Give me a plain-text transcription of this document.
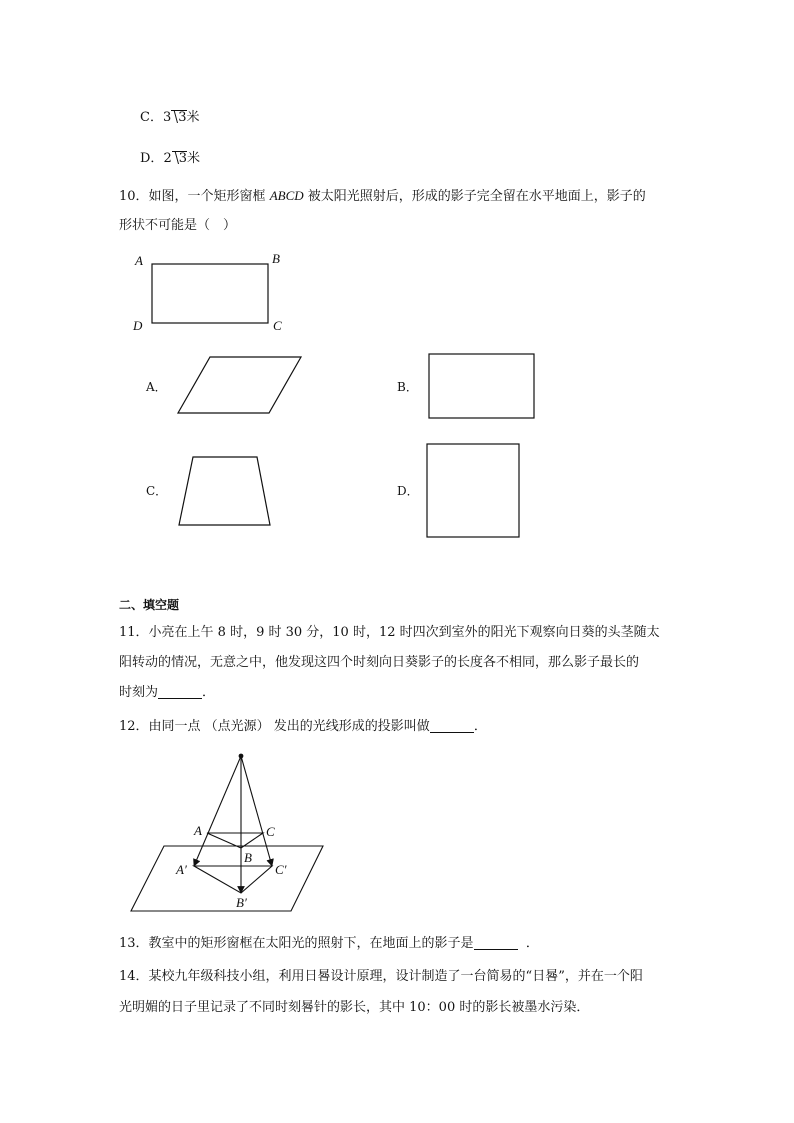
C．3 3米
D．2 3米
10．如图，一个矩形窗框 ABCD 被太阳光照射后，形成的影子完全留在水平地面上，影子的
形状不可能是（　）
A	B
C
D
A．	B．
C．	D．
二、填空题
11．小亮在上午 8 时，9 时 30 分，10 时，12 时四次到室外的阳光下观察向日葵的头茎随太
阳转动的情况，无意之中，他发现这四个时刻向日葵影子的长度各不相同，那么影子最长的
时刻为	．
12．由同一点 （点光源） 发出的光线形成的投影叫做	．
A	C
B
A′	C′
B′
13．教室中的矩形窗框在太阳光的照射下，在地面上的影子是	．
14．某校九年级科技小组，利用日晷设计原理，设计制造了一台简易的“日晷”，并在一个阳
光明媚的日子里记录了不同时刻晷针的影长，其中 10：00 时的影长被墨水污染．
